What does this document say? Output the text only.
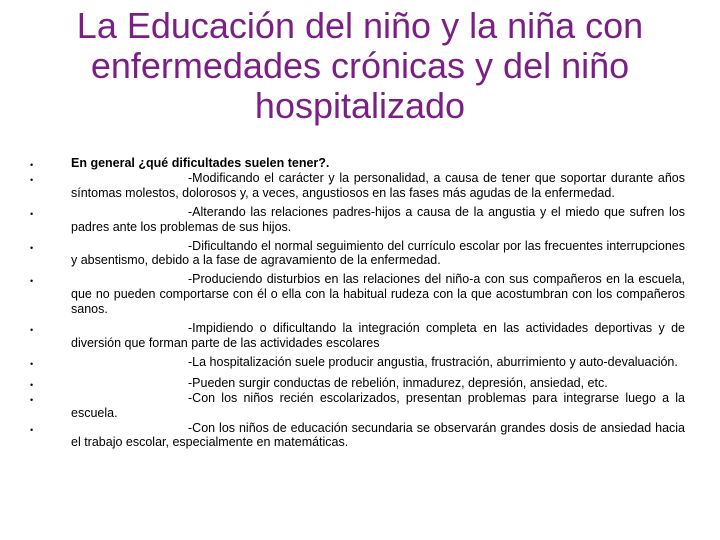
La Educación del niño y la niña con enfermedades crónicas y del niño hospitalizado
• En general ¿qué dificultades suelen tener?.
• -Modificando el carácter y la personalidad, a causa de tener que soportar durante años síntomas molestos, dolorosos y, a veces, angustiosos en las fases más agudas de la enfermedad.
• -Alterando las relaciones padres-hijos a causa de la angustia y el miedo que sufren los padres ante los problemas de sus hijos.
• -Dificultando el normal seguimiento del currículo escolar por las frecuentes interrupciones y absentismo, debido a la fase de agravamiento de la enfermedad.
• -Produciendo disturbios en las relaciones del niño-a con sus compañeros en la escuela, que no pueden comportarse con él o ella con la habitual rudeza con la que acostumbran con los compañeros sanos.
• -Impidiendo o dificultando la integración completa en las actividades deportivas y de diversión que forman parte de las actividades escolares
• -La hospitalización suele producir angustia, frustración, aburrimiento y auto-devaluación.
• -Pueden surgir conductas de rebelión, inmadurez, depresión, ansiedad, etc.
• -Con los niños recién escolarizados, presentan problemas para integrarse luego a la escuela.
• -Con los niños de educación secundaria se observarán grandes dosis de ansiedad hacia el trabajo escolar, especialmente en matemáticas.
